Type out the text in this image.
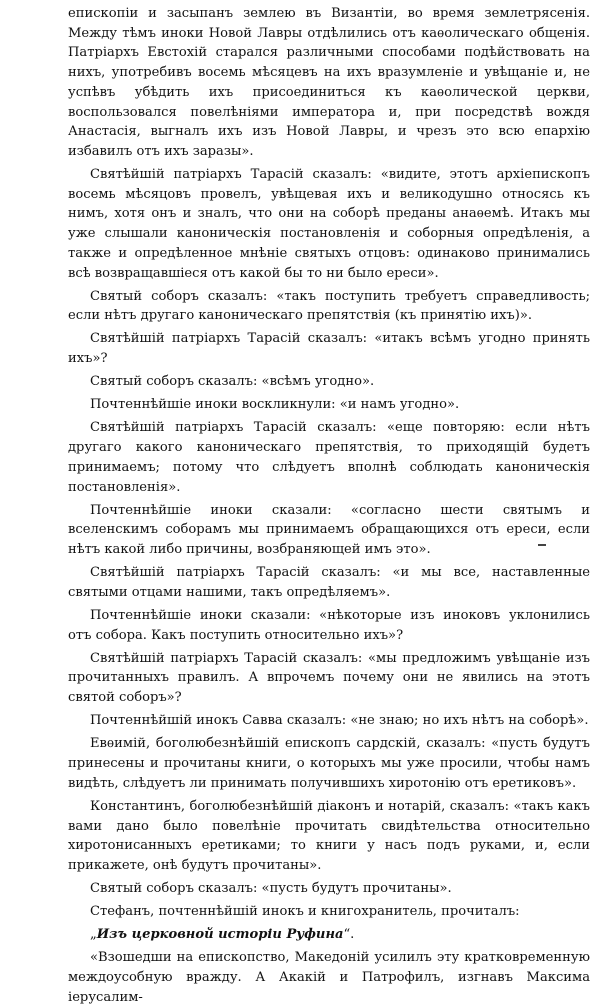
епископіи и засыпанъ землею въ Византіи, во время землетрясенія. Между тѣмъ иноки Новой Лавры отдѣлились отъ каѳолическаго общенія. Патріархъ Евстохій старался различными способами подѣйствовать на нихъ, употребивъ восемь мѣсяцевъ на ихъ вразумленіе и увѣщаніе и, не успѣвъ убѣдить ихъ присоединиться къ каѳолической церкви, воспользовался повелѣніями императора и, при посредствѣ вождя Анастасія, выгналъ ихъ изъ Новой Лавры, и чрезъ это всю епархію избавилъ отъ ихъ заразы».

Святѣйшій патріархъ Тарасій сказалъ: «видите, этотъ архіепископъ восемь мѣсяцовъ провелъ, увѣщевая ихъ и великодушно относясь къ нимъ, хотя онъ и зналъ, что они на соборѣ преданы анаѳемѣ. Итакъ мы уже слышали каноническія постановленія и соборныя опредѣленія, а также и опредѣленное мнѣніе святыхъ отцовъ: одинаково принимались всѣ возвращавшіеся отъ какой бы то ни было ереси».

Святый соборъ сказалъ: «такъ поступить требуетъ справедливость; если нѣтъ другаго каноническаго препятствія (къ принятію ихъ)».

Святѣйшій патріархъ Тарасій сказалъ: «итакъ всѣмъ угодно принять ихъ»?

Святый соборъ сказалъ: «всѣмъ угодно».

Почтеннѣйшіе иноки воскликнули: «и намъ угодно».

Святѣйшій патріархъ Тарасій сказалъ: «еще повторяю: если нѣтъ другаго какого каноническаго препятствія, то приходящій будетъ принимаемъ; потому что слѣдуетъ вполнѣ соблюдать каноническія постановленія».

Почтеннѣйшіе иноки сказали: «согласно шести святымъ и вселенскимъ соборамъ мы принимаемъ обращающихся отъ ереси, если нѣтъ какой либо причины, возбраняющей имъ это».

Святѣйшій патріархъ Тарасій сказалъ: «и мы все, наставленные святыми отцами нашими, такъ опредѣляемъ».

Почтеннѣйшіе иноки сказали: «нѣкоторые изъ иноковъ уклонились отъ собора. Какъ поступить относительно ихъ»?

Святѣйшій патріархъ Тарасій сказалъ: «мы предложимъ увѣщаніе изъ прочитанныхъ правилъ. А впрочемъ почему они не явились на этотъ святой соборъ»?

Почтеннѣйшій инокъ Савва сказалъ: «не знаю; но ихъ нѣтъ на соборѣ».

Евѳимій, боголюбезнѣйшій епископъ сардскій, сказалъ: «пусть будутъ принесены и прочитаны книги, о которыхъ мы уже просили, чтобы намъ видѣть, слѣдуетъ ли принимать получившихъ хиротонію отъ еретиковъ».

Константинъ, боголюбезнѣйшій діаконъ и нотарій, сказалъ: «такъ какъ вами дано было повелѣніе прочитать свидѣтельства относительно хиротонисанныхъ еретиками; то книги у насъ подъ руками, и, если прикажете, онѣ будутъ прочитаны».

Святый соборъ сказалъ: «пусть будутъ прочитаны».

Стефанъ, почтеннѣйшій инокъ и книгохранитель, прочиталъ:

„Изъ церковной исторіи Руфина“.

«Взошедши на епископство, Македоній усилилъ эту кратковременную междоусобную вражду. А Акакій и Патрофилъ, изгнавъ Максима іерусалим-
